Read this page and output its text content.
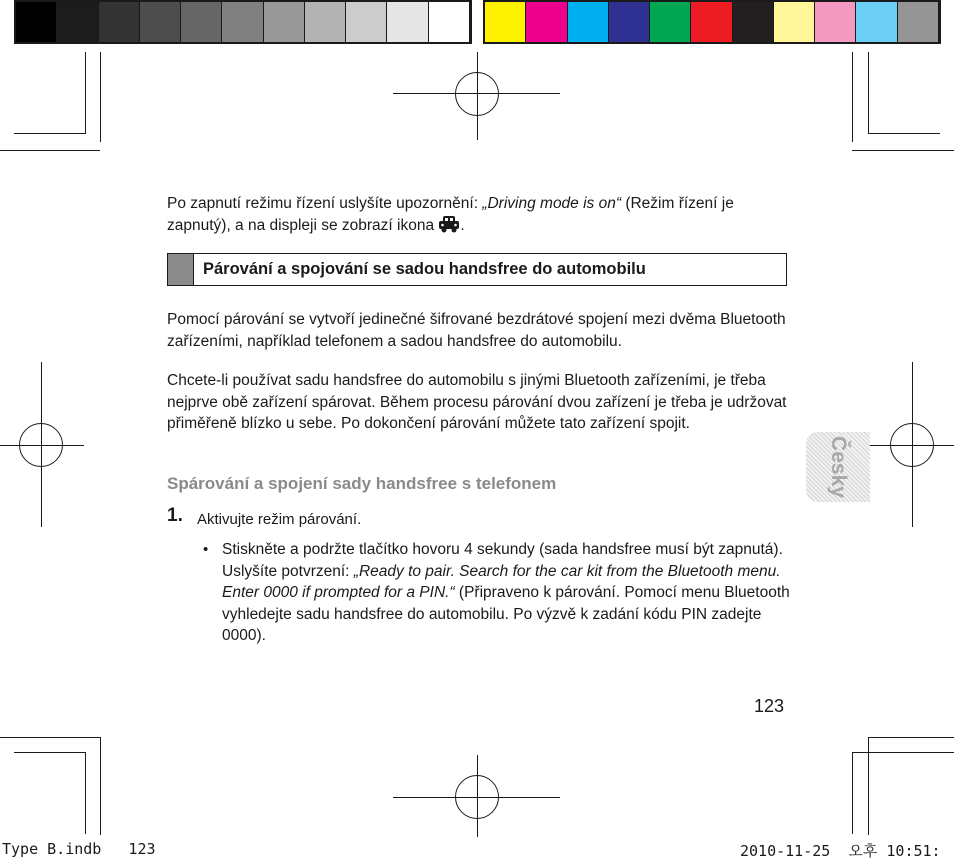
Po zapnutí režimu řízení uslyšíte upozornění: „Driving mode is on“ (Režim řízení je zapnutý), a na displeji se zobrazí ikona .
Párování a spojování se sadou handsfree do automobilu
Pomocí párování se vytvoří jedinečné šifrované bezdrátové spojení mezi dvěma Bluetooth zařízeními, například telefonem a sadou handsfree do automobilu.
Chcete-li používat sadu handsfree do automobilu s jinými Bluetooth zařízeními, je třeba nejprve obě zařízení spárovat. Během procesu párování dvou zařízení je třeba je udržovat přiměřeně blízko u sebe. Po dokončení párování můžete tato zařízení spojit.
Spárování a spojení sady handsfree s telefonem
1. Aktivujte režim párování.
• Stiskněte a podržte tlačítko hovoru 4 sekundy (sada handsfree musí být zapnutá). Uslyšíte potvrzení: „Ready to pair. Search for the car kit from the Bluetooth menu. Enter 0000 if prompted for a PIN.“ (Připraveno k párování. Pomocí menu Bluetooth vyhledejte sadu handsfree do automobilu. Po výzvě k zadání kódu PIN zadejte 0000).
Česky
123
Type B.indb   123	2010-11-25  오후 10:51:
